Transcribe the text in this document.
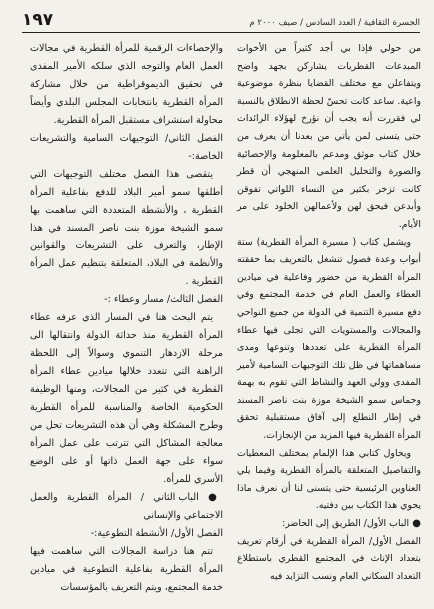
١٩٧	الجسرة الثقافية / العدد السادس / صيف ٢٠٠٠ م

من حولي فإذا بي أجد كثيراً من الأخوات المبدعات القطريات يشاركن بجهد واضح ويتفاعلن مع مختلف القضايا بنظرة موضوعية واعية. ساعد كانت تحسّ لحظة الانطلاق بالنسبة لي فقررت أنه يجب أن نؤرخ لهؤلاء الرائدات حتى يتسنى لمن يأتي من بعدنا أن يعرف من خلال كتاب موثق ومدعم بالمعلومة والإحصائية والصورة والتحليل العلمي المنهجي أن قطر كانت تزخر بكثير من النساء اللواتي تفوقن وأبدعن فيحق لهن ولأعمالهن الخلود على مر الأيام.

ويشمل كتاب ( مسيرة المرأة القطرية) ستة أبواب وعدة فصول تنشغل بالتعريف بما حققته المرأة القطرية من حضور وفاعلية في ميادين العطاء والعمل العام في خدمة المجتمع وفي دفع مسيرة التنمية في الدولة من جميع النواحي والمجالات والمستويات التي تجلى فيها عطاء المرأة القطرية على تعددها وتنوعها ومدى مساهماتها في ظل تلك التوجيهات السامية لأمير المفدى وولي العهد والنشاط التي تقوم به بهمة وحماس سمو الشيخة موزة بنت ناصر المسند في إطار النطلع إلى آفاق مستقبلية تحقق المرأة القطرية فيها المزيد من الإنجازات.

ويحاول كتابي هذا الإلمام بمختلف المعطيات والتفاصيل المتعلقة بالمرأة القطرية وفيما يلي العناوين الرئيسية حتى يتسنى لنا أن نعرف ماذا يحوي هذا الكتاب بين دفتيه.

● الباب الأول/ الطريق إلى الحاضر:

الفصل الأول/ المرأة القطرية في أرقام تعريف بتعداد الإناث في المجتمع القطري باستطلاع التعداد السكاني العام ونسب التزايد فيه

والإحصاءات الرقمية للمرأة القطرية في مجالات العمل العام والتوجه الذي سلكه الأمير المفدى في تحقيق الديموقراطية من خلال مشاركة المرأة القطرية بانتخابات المجلس البلدي وأيضاً محاولة استشراف مستقبل المرأة القطرية.

الفصل الثاني/ التوجيهات السامية والتشريعات الخاصة:-

يتقصى هذا الفصل مختلف التوجيهات التي أطلقها سمو أمير البلاد للدفع بفاعلية المرأة القطرية ، والأنشطة المتعددة التي ساهمت بها سمو الشيخة موزة بنت ناصر المسند في هذا الإطار، والتعرف على التشريعات والقوانين والأنظمة في البلاد، المتعلقة بتنظيم عمل المرأة القطرية .

الفصل الثالث/ مسار وعطاء :-

يتم البحث هنا في المسار الذي عرفه عطاء المرأة القطرية منذ حداثة الدولة وانتقالها الى مرحلة الازدهار التنموي وسوالاً إلى اللحظة الراهنة التي تتعدد خلالها ميادين عطاء المرأة القطرية في كثير من المجالات، ومنها الوظيفة الحكومية الخاصة والمناسبة للمرأة القطرية وطرح المشكلة وهي أن هذه التشريعات تحل من معالجة المشاكل التي تترتب على عمل المرأة سواء على جهة العمل ذاتها أو على الوضع الأسري للمرأة.

● الباب الثاني / المرأة القطرية والعمل الاجتماعي والإنساني

الفصل الأول/ الأنشطة التطوعية:-

تتم هنا دراسة المجالات التي ساهمت فيها المرأة القطرية بفاعلية التطوعية في ميادين خدمة المجتمع، ويتم التعريف بالمؤسسات
